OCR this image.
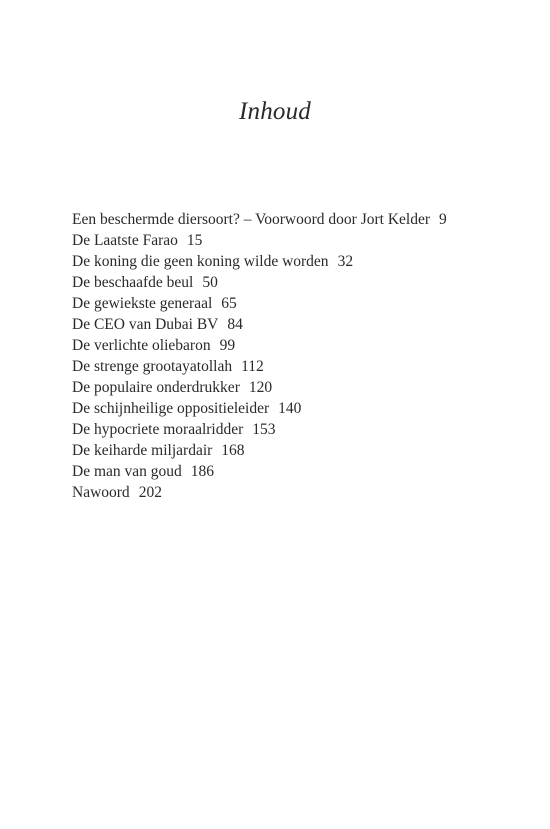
Inhoud
Een beschermde diersoort? – Voorwoord door Jort Kelder 9
De Laatste Farao 15
De koning die geen koning wilde worden 32
De beschaafde beul 50
De gewiekste generaal 65
De CEO van Dubai BV 84
De verlichte oliebaron 99
De strenge grootayatollah 112
De populaire onderdrukker 120
De schijnheilige oppositieleider 140
De hypocriete moraalridder 153
De keiharde miljardair 168
De man van goud 186
Nawoord 202
